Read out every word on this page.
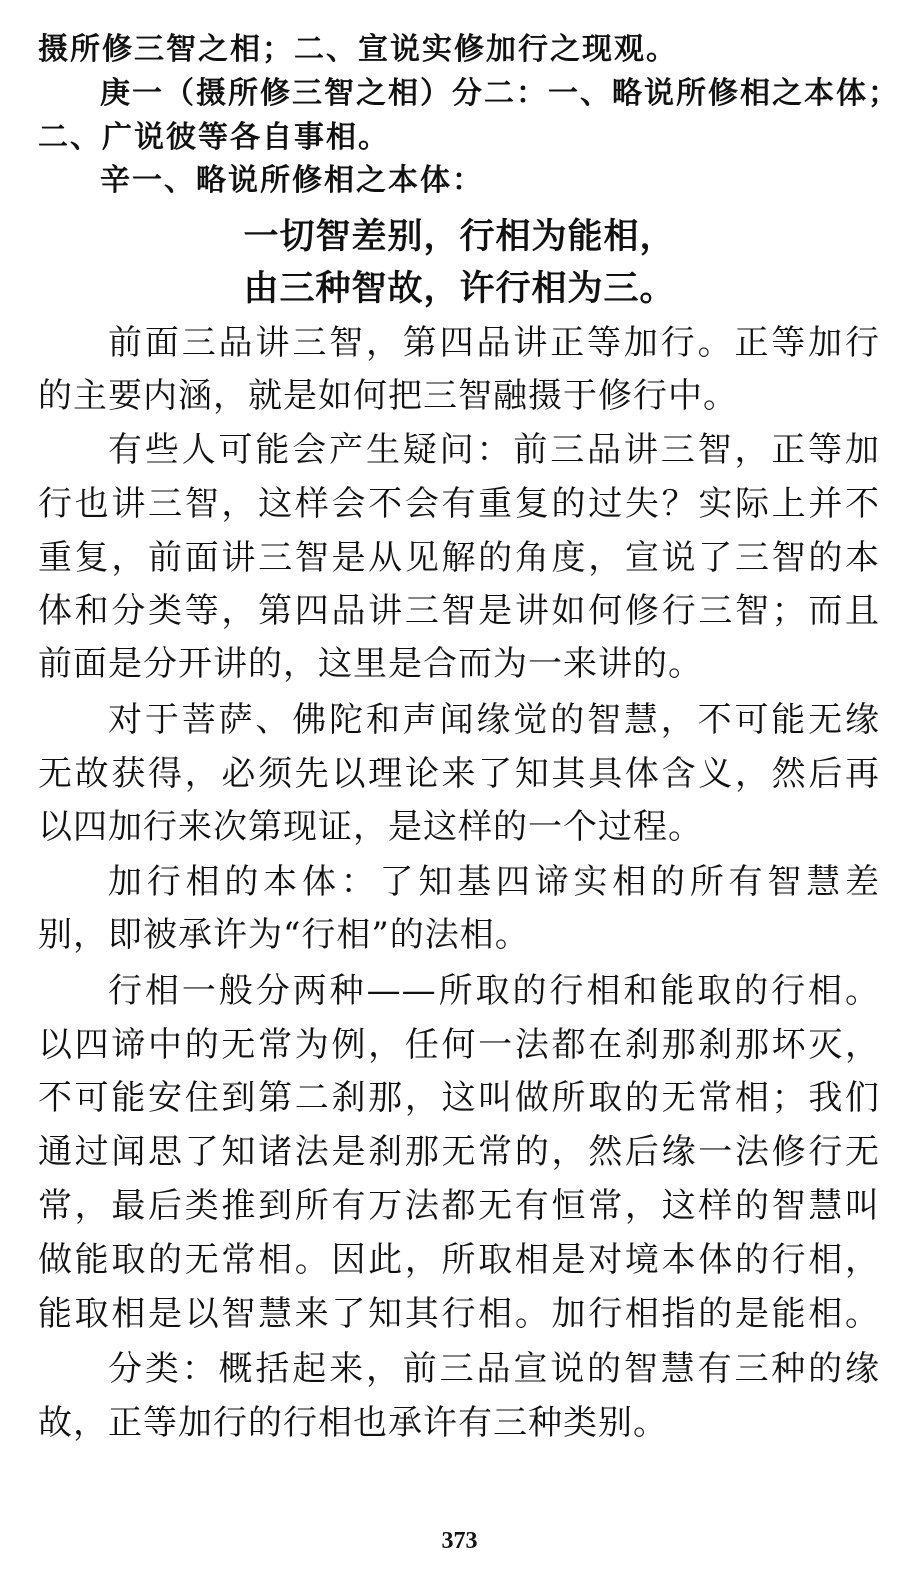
摄所修三智之相；二、宣说实修加行之现观。
庚一（摄所修三智之相）分二：一、略说所修相之本体；
二、广说彼等各自事相。
辛一、略说所修相之本体：
一切智差别，行相为能相，
由三种智故，许行相为三。
前面三品讲三智，第四品讲正等加行。正等加行
的主要内涵，就是如何把三智融摄于修行中。
有些人可能会产生疑问：前三品讲三智，正等加
行也讲三智，这样会不会有重复的过失？实际上并不
重复，前面讲三智是从见解的角度，宣说了三智的本
体和分类等，第四品讲三智是讲如何修行三智；而且
前面是分开讲的，这里是合而为一来讲的。
对于菩萨、佛陀和声闻缘觉的智慧，不可能无缘
无故获得，必须先以理论来了知其具体含义，然后再
以四加行来次第现证，是这样的一个过程。
加行相的本体：了知基四谛实相的所有智慧差
别，即被承许为“行相”的法相。
行相一般分两种——所取的行相和能取的行相。
以四谛中的无常为例，任何一法都在刹那刹那坏灭，
不可能安住到第二刹那，这叫做所取的无常相；我们
通过闻思了知诸法是刹那无常的，然后缘一法修行无
常，最后类推到所有万法都无有恒常，这样的智慧叫
做能取的无常相。因此，所取相是对境本体的行相，
能取相是以智慧来了知其行相。加行相指的是能相。
分类：概括起来，前三品宣说的智慧有三种的缘
故，正等加行的行相也承许有三种类别。
373
